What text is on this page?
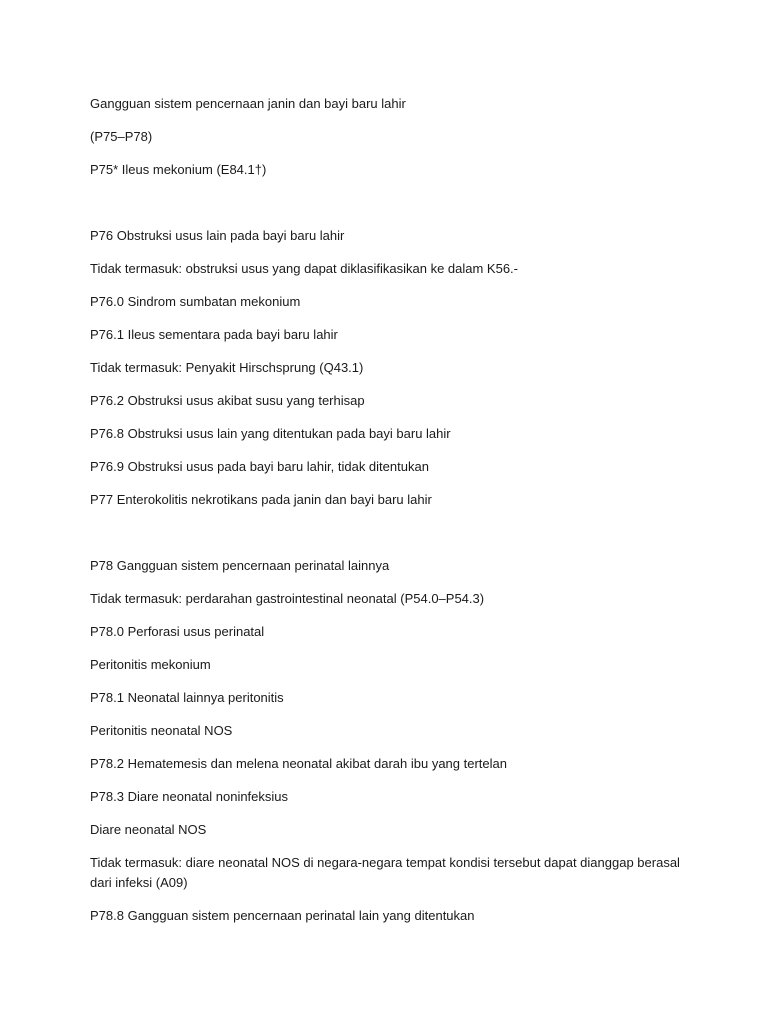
Gangguan sistem pencernaan janin dan bayi baru lahir

(P75–P78)

P75* Ileus mekonium (E84.1†)

P76 Obstruksi usus lain pada bayi baru lahir

Tidak termasuk: obstruksi usus yang dapat diklasifikasikan ke dalam K56.-

P76.0 Sindrom sumbatan mekonium

P76.1 Ileus sementara pada bayi baru lahir

Tidak termasuk: Penyakit Hirschsprung (Q43.1)

P76.2 Obstruksi usus akibat susu yang terhisap

P76.8 Obstruksi usus lain yang ditentukan pada bayi baru lahir

P76.9 Obstruksi usus pada bayi baru lahir, tidak ditentukan

P77 Enterokolitis nekrotikans pada janin dan bayi baru lahir

P78 Gangguan sistem pencernaan perinatal lainnya

Tidak termasuk: perdarahan gastrointestinal neonatal (P54.0–P54.3)

P78.0 Perforasi usus perinatal

Peritonitis mekonium

P78.1 Neonatal lainnya peritonitis

Peritonitis neonatal NOS

P78.2 Hematemesis dan melena neonatal akibat darah ibu yang tertelan

P78.3 Diare neonatal noninfeksius

Diare neonatal NOS

Tidak termasuk: diare neonatal NOS di negara-negara tempat kondisi tersebut dapat dianggap berasal dari infeksi (A09)

P78.8 Gangguan sistem pencernaan perinatal lain yang ditentukan
